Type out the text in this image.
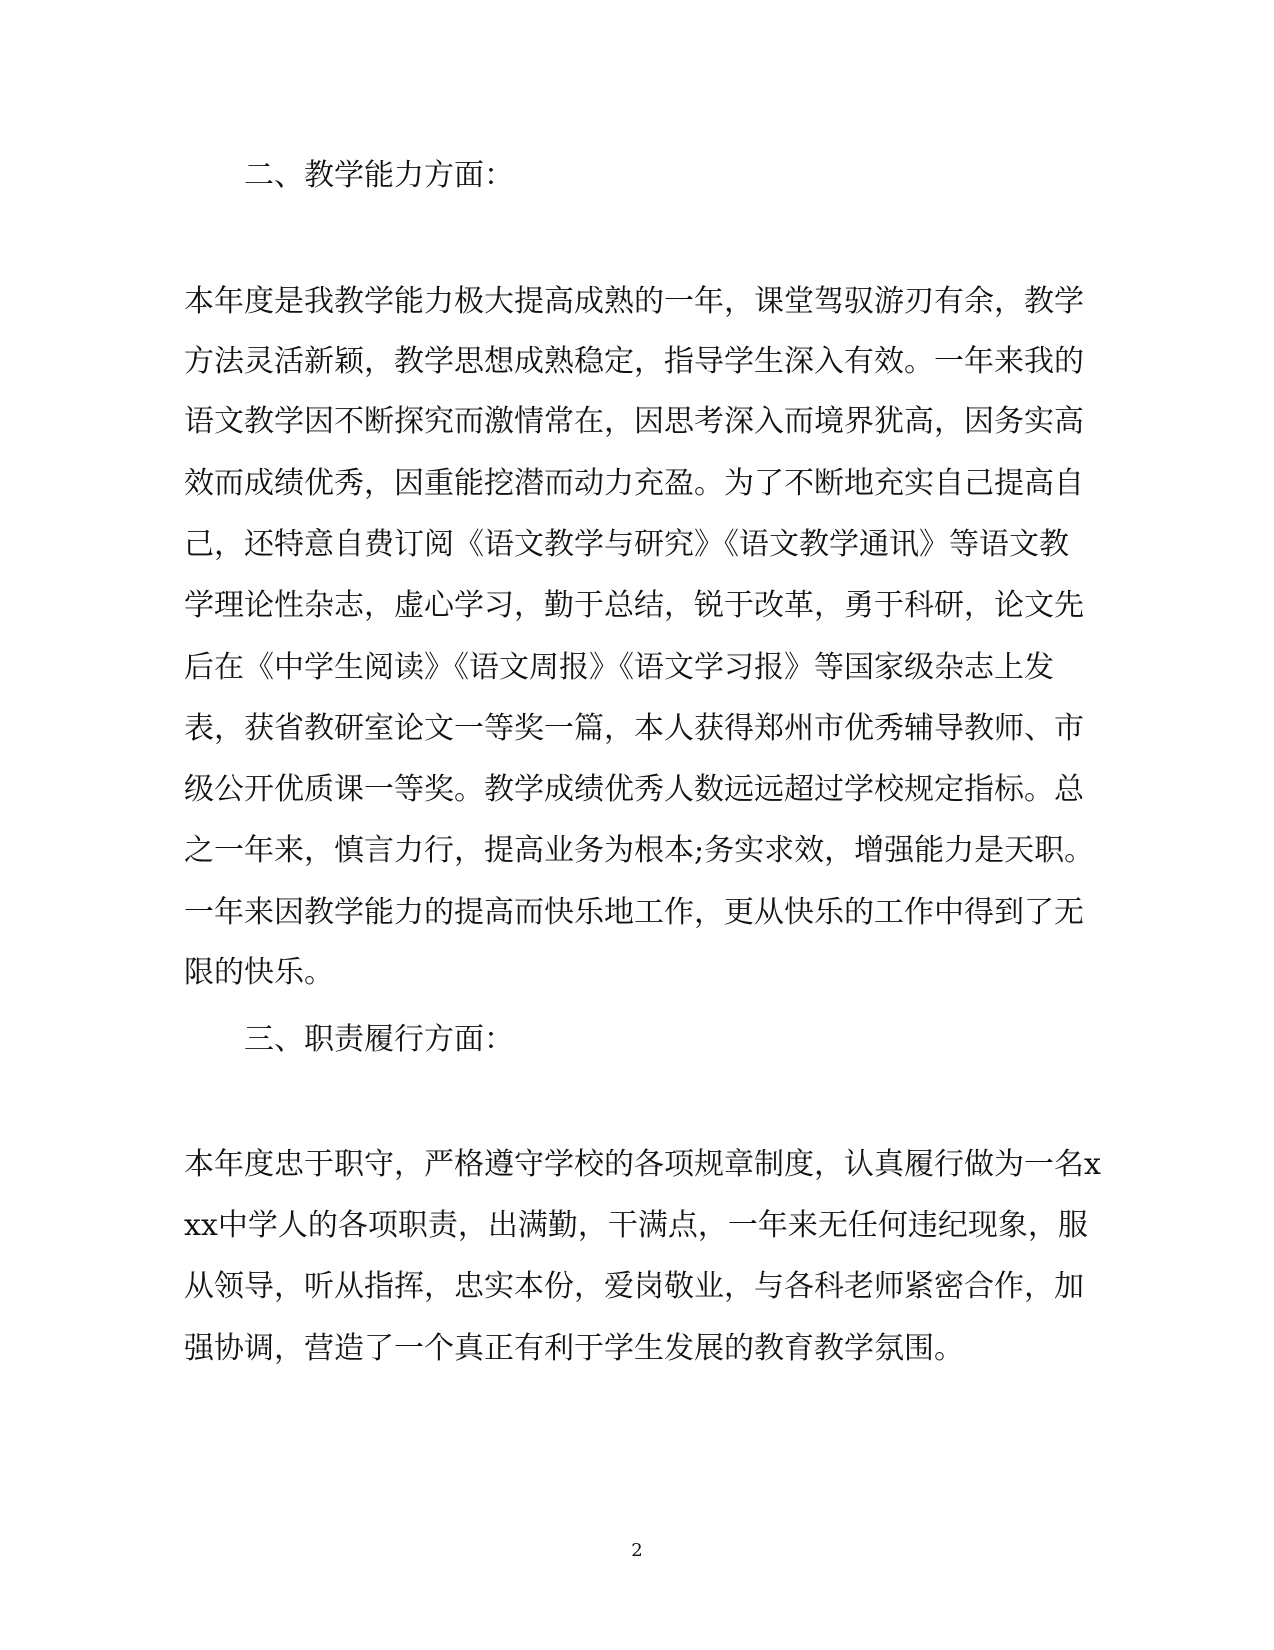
二、教学能力方面：
本年度是我教学能力极大提高成熟的一年，课堂驾驭游刃有余，教学
方法灵活新颖，教学思想成熟稳定，指导学生深入有效。一年来我的
语文教学因不断探究而激情常在，因思考深入而境界犹高，因务实高
效而成绩优秀，因重能挖潜而动力充盈。为了不断地充实自己提高自
己，还特意自费订阅《语文教学与研究》《语文教学通讯》等语文教
学理论性杂志，虚心学习，勤于总结，锐于改革，勇于科研，论文先
后在《中学生阅读》《语文周报》《语文学习报》等国家级杂志上发
表，获省教研室论文一等奖一篇，本人获得郑州市优秀辅导教师、市
级公开优质课一等奖。教学成绩优秀人数远远超过学校规定指标。总
之一年来，慎言力行，提高业务为根本;务实求效，增强能力是天职。
一年来因教学能力的提高而快乐地工作，更从快乐的工作中得到了无
限的快乐。
三、职责履行方面：
本年度忠于职守，严格遵守学校的各项规章制度，认真履行做为一名x
xx中学人的各项职责，出满勤，干满点，一年来无任何违纪现象，服
从领导，听从指挥，忠实本份，爱岗敬业，与各科老师紧密合作，加
强协调，营造了一个真正有利于学生发展的教育教学氛围。
2
